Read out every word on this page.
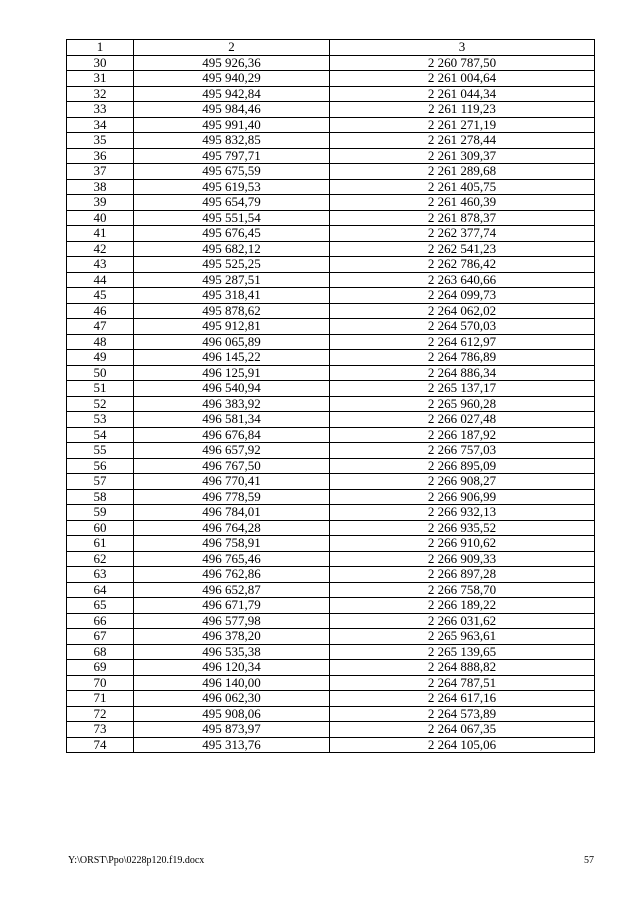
1	2	3
30	495 926,36	2 260 787,50
31	495 940,29	2 261 004,64
32	495 942,84	2 261 044,34
33	495 984,46	2 261 119,23
34	495 991,40	2 261 271,19
35	495 832,85	2 261 278,44
36	495 797,71	2 261 309,37
37	495 675,59	2 261 289,68
38	495 619,53	2 261 405,75
39	495 654,79	2 261 460,39
40	495 551,54	2 261 878,37
41	495 676,45	2 262 377,74
42	495 682,12	2 262 541,23
43	495 525,25	2 262 786,42
44	495 287,51	2 263 640,66
45	495 318,41	2 264 099,73
46	495 878,62	2 264 062,02
47	495 912,81	2 264 570,03
48	496 065,89	2 264 612,97
49	496 145,22	2 264 786,89
50	496 125,91	2 264 886,34
51	496 540,94	2 265 137,17
52	496 383,92	2 265 960,28
53	496 581,34	2 266 027,48
54	496 676,84	2 266 187,92
55	496 657,92	2 266 757,03
56	496 767,50	2 266 895,09
57	496 770,41	2 266 908,27
58	496 778,59	2 266 906,99
59	496 784,01	2 266 932,13
60	496 764,28	2 266 935,52
61	496 758,91	2 266 910,62
62	496 765,46	2 266 909,33
63	496 762,86	2 266 897,28
64	496 652,87	2 266 758,70
65	496 671,79	2 266 189,22
66	496 577,98	2 266 031,62
67	496 378,20	2 265 963,61
68	496 535,38	2 265 139,65
69	496 120,34	2 264 888,82
70	496 140,00	2 264 787,51
71	496 062,30	2 264 617,16
72	495 908,06	2 264 573,89
73	495 873,97	2 264 067,35
74	495 313,76	2 264 105,06
Y:\ORST\Ppo\0228p120.f19.docx	57
